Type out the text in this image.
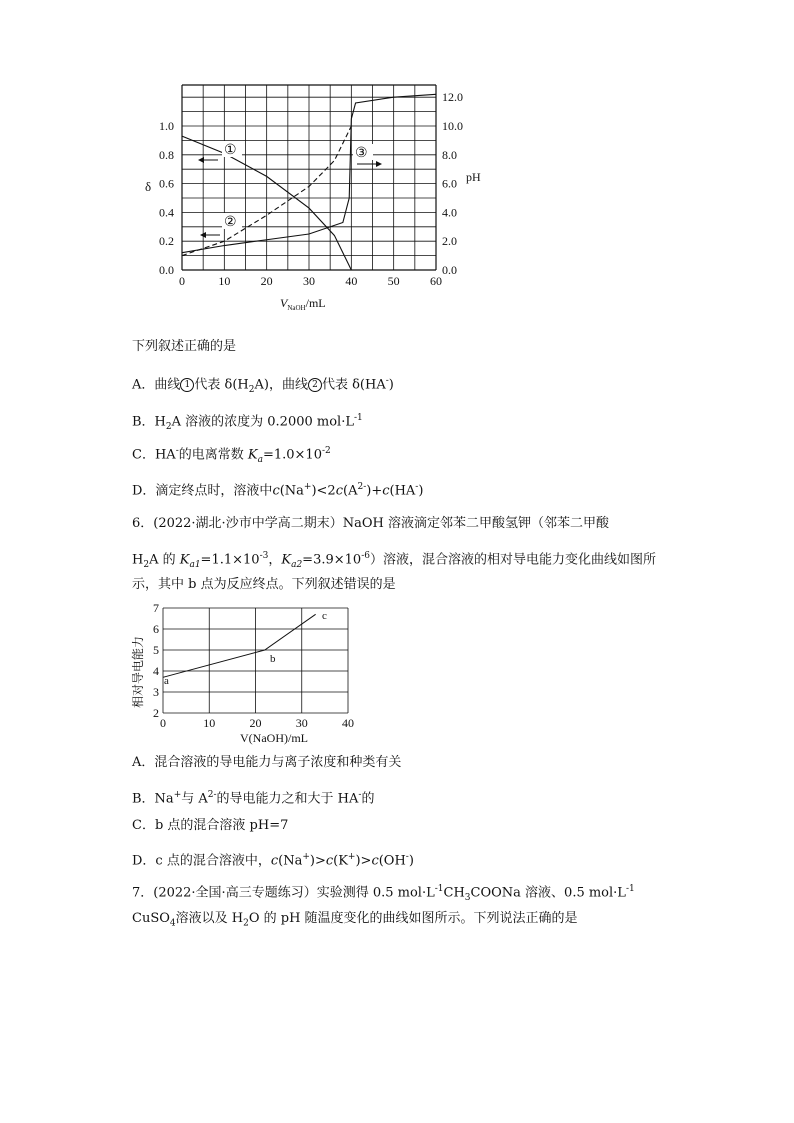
0	10	20	30	40	50	60
0.0
0.2
0.4
0.6
0.8
1.0
0.0
2.0
4.0
6.0
8.0
10.0
12.0
δ
pH
$V_{NaOH}/mL$
①
②
③
下列叙述正确的是
A．曲线 1 代表 $\delta(H_2A)$，曲线 2 代表 δ(HA-)
B．$H_2A$ 溶液的浓度为 0.2000 $mol\cdot L^{-1}$
C．HA-的电离常数 $K_a=1.0\times 10^{-2}$
D．滴定终点时，溶液中$c(Na^+)<2c(A^{2-})+c(HA^-)$
6．(2022·湖北·沙市中学高二期末）NaOH 溶液滴定邻苯二甲酸氢钾（邻苯二甲酸
$H_2A$ 的 $K_{a1}=1.1\times 10^{-3}$，$K_{a2}=3.9\times 10^{-6}$）溶液，混合溶液的相对导电能力变化曲线如图所
示，其中 b 点为反应终点。下列叙述错误的是
0	10	20	30	40
2
3
4
5
6
7
a
b
c
V(NaOH)/mL
相对导电能力
A．混合溶液的导电能力与离子浓度和种类有关
B．Na+与 $A^{2-}$的导电能力之和大于 HA-的
C．b 点的混合溶液 pH=7
D．c 点的混合溶液中，c(Na+)>c(K+)>c(OH-)
7．(2022·全国·高三专题练习）实验测得 0.5 $mol\cdot L^{-1}CH_3COONa$ 溶液、0.5 $mol\cdot L^{-1}$
CuSO$_4$溶液以及 $H_2O$ 的 pH 随温度变化的曲线如图所示。下列说法正确的是
